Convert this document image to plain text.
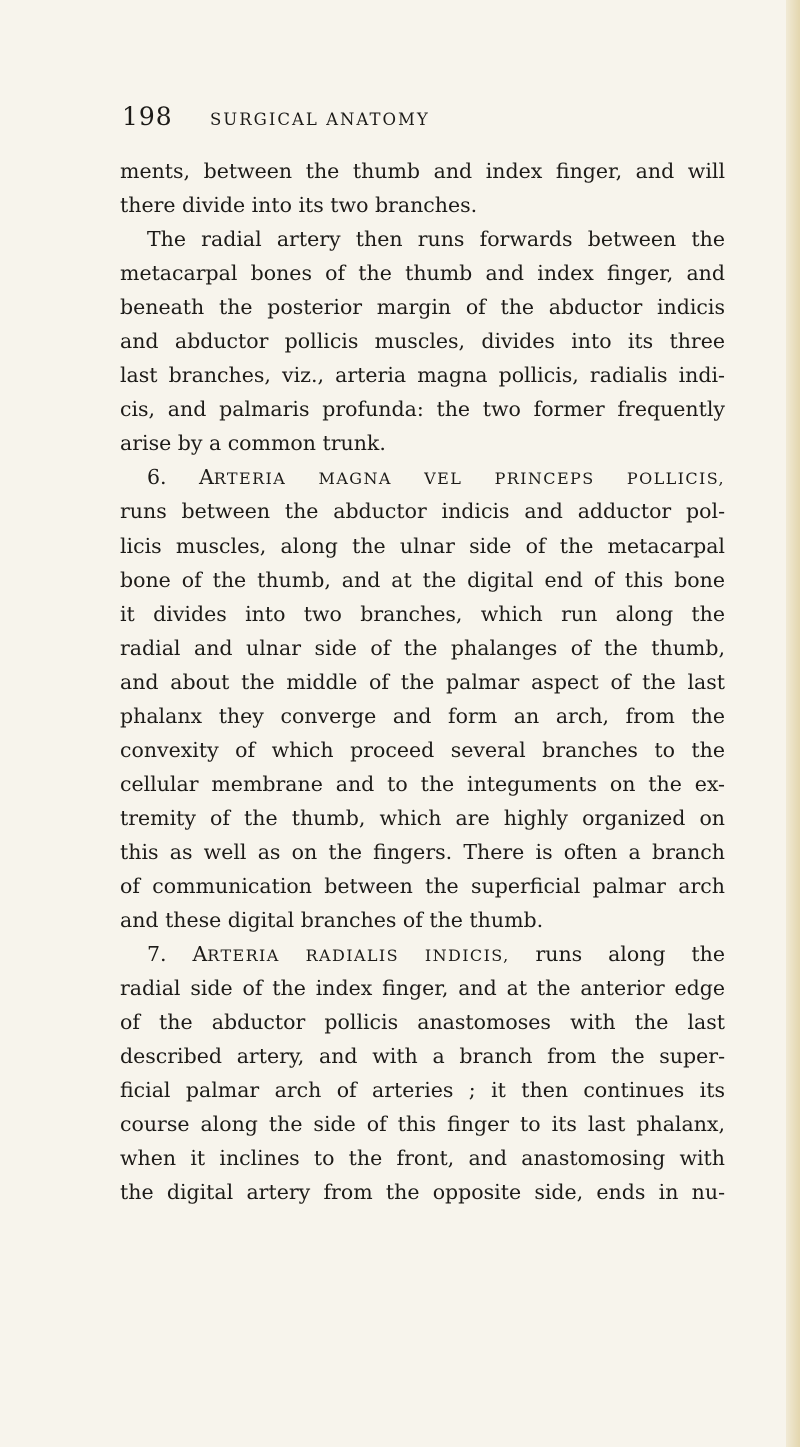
198 SURGICAL ANATOMY
ments, between the thumb and index finger, and will
there divide into its two branches.
The radial artery then runs forwards between the
metacarpal bones of the thumb and index finger, and
beneath the posterior margin of the abductor indicis
and abductor pollicis muscles, divides into its three
last branches, viz., arteria magna pollicis, radialis indi-
cis, and palmaris profunda: the two former frequently
arise by a common trunk.
6. ARTERIA MAGNA VEL PRINCEPS POLLICIS,
runs between the abductor indicis and adductor pol-
licis muscles, along the ulnar side of the metacarpal
bone of the thumb, and at the digital end of this bone
it divides into two branches, which run along the
radial and ulnar side of the phalanges of the thumb,
and about the middle of the palmar aspect of the last
phalanx they converge and form an arch, from the
convexity of which proceed several branches to the
cellular membrane and to the integuments on the ex-
tremity of the thumb, which are highly organized on
this as well as on the fingers. There is often a branch
of communication between the superficial palmar arch
and these digital branches of the thumb.
7. ARTERIA RADIALIS INDICIS, runs along the
radial side of the index finger, and at the anterior edge
of the abductor pollicis anastomoses with the last
described artery, and with a branch from the super-
ficial palmar arch of arteries ; it then continues its
course along the side of this finger to its last phalanx,
when it inclines to the front, and anastomosing with
the digital artery from the opposite side, ends in nu-
